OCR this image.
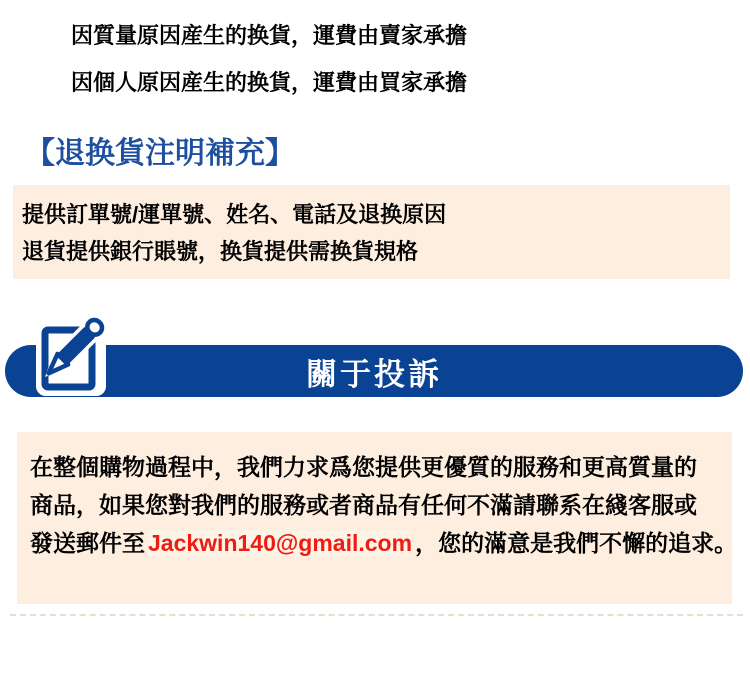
因質量原因産生的换貨，運費由賣家承擔
因個人原因産生的换貨，運費由買家承擔
【退换貨注明補充】
提供訂單號/運單號、姓名、電話及退换原因
退貨提供銀行賬號，换貨提供需换貨規格
關于投訴

在整個購物過程中，我們力求爲您提供更優質的服務和更高質量的

商品，如果您對我們的服務或者商品有任何不滿請聯系在綫客服或

發送郵件至 Jackwin140@gmail.com ，您的滿意是我們不懈的追求。
